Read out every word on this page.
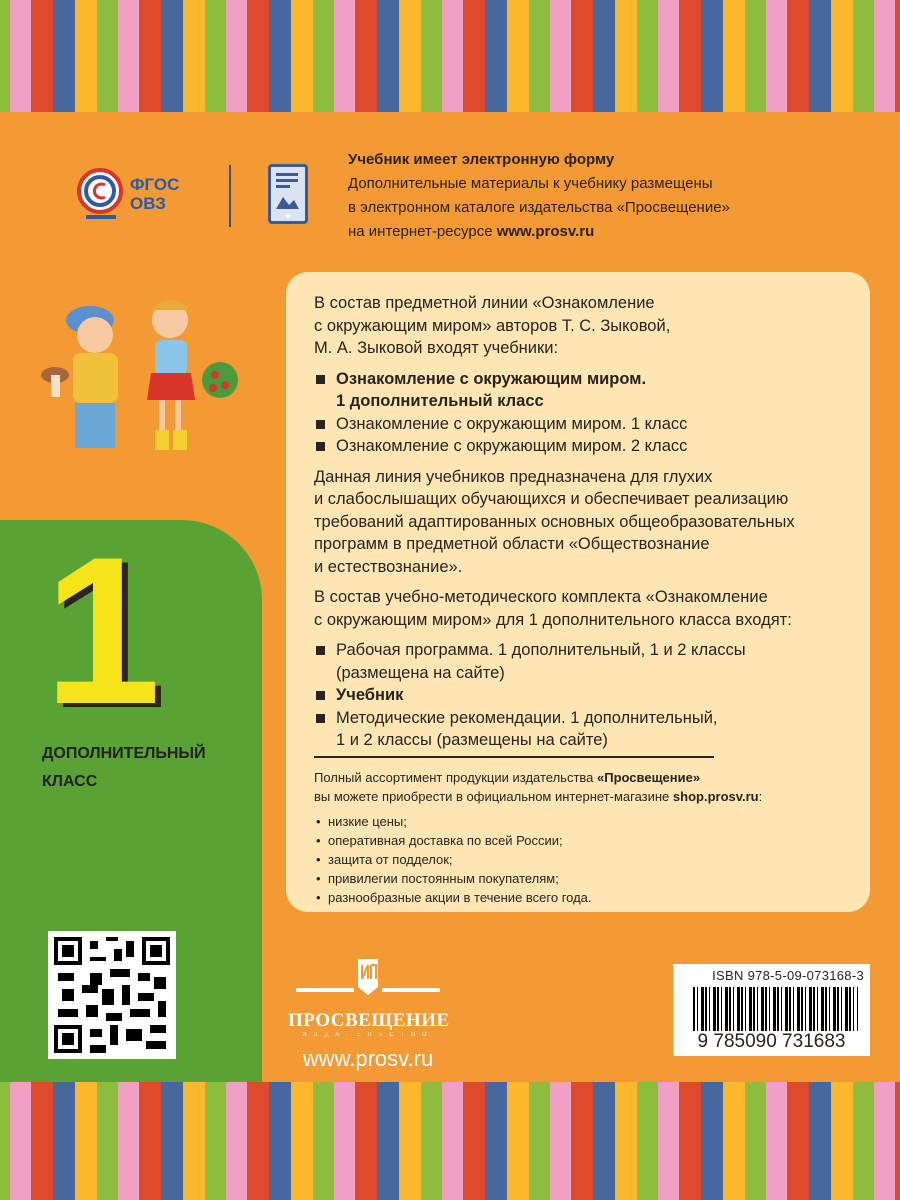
ФГОС
ОВЗ
Учебник имеет электронную форму
Дополнительные материалы к учебнику размещены
в электронном каталоге издательства «Просвещение»
на интернет-ресурсе www.prosv.ru
1
ДОПОЛНИТЕЛЬНЫЙ
КЛАСС

В состав предметной линии «Ознакомление
с окружающим миром» авторов Т. С. Зыковой,
М. А. Зыковой входят учебники:

Ознакомление с окружающим миром.
1 дополнительный класс
Ознакомление с окружающим миром. 1 класс
Ознакомление с окружающим миром. 2 класс

Данная линия учебников предназначена для глухих
и слабослышащих обучающихся и обеспечивает реализацию
требований адаптированных основных общеобразовательных
программ в предметной области «Обществознание
и естествознание».

В состав учебно-методического комплекта «Ознакомление
с окружающим миром» для 1 дополнительного класса входят:

Рабочая программа. 1 дополнительный, 1 и 2 классы
(размещена на сайте)
Учебник
Методические рекомендации. 1 дополнительный,
1 и 2 классы (размещены на сайте)
Полный ассортимент продукции издательства «Просвещение»
вы можете приобрести в официальном интернет-магазине shop.prosv.ru:
• низкие цены;
• оперативная доставка по всей России;
• защита от подделок;
• привилегии постоянным покупателям;
• разнообразные акции в течение всего года.
ПРОСВЕЩЕНИЕ
ИЗДАТЕЛЬСТВО
www.prosv.ru
ISBN 978-5-09-073168-3
9 785090 731683
